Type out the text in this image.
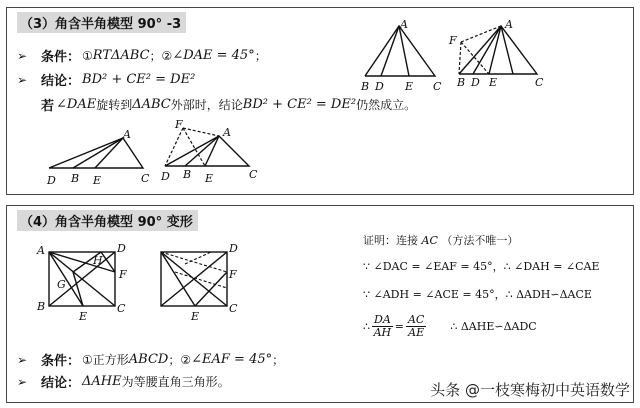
（3）角含半角模型 90° -3
➢	条件： ① RTΔABC ； ② ∠DAE = 45° ；
➢	结论： BD² + CE² = DE²
若 ∠DAE 旋转到 ΔABC 外部时，结论 BD² + CE² = DE² 仍然成立。
A
B D E C
A
F
B D E	C
A
D B E	C
A
F
D B E	C
（4）角含半角模型 90° 变形
A	D
H
F
G
B	C
E
D
F
C
E
证明：连接 AC （方法不唯一）
∵ ∠DAC = ∠EAF = 45°，∴ ∠DAH = ∠CAE
∵ ∠ADH = ∠ACE = 45°，∴ ΔADH∽ΔACE
∴ $\frac{DA}{AH} = \frac{AC}{AE}$ ∴ ΔAHE∽ΔADC
➢	条件： ①正方形 ABCD ； ② ∠EAF = 45° ；
➢	结论： ΔAHE 为等腰直角三角形。	头条 @一枝寒梅初中英语数学
